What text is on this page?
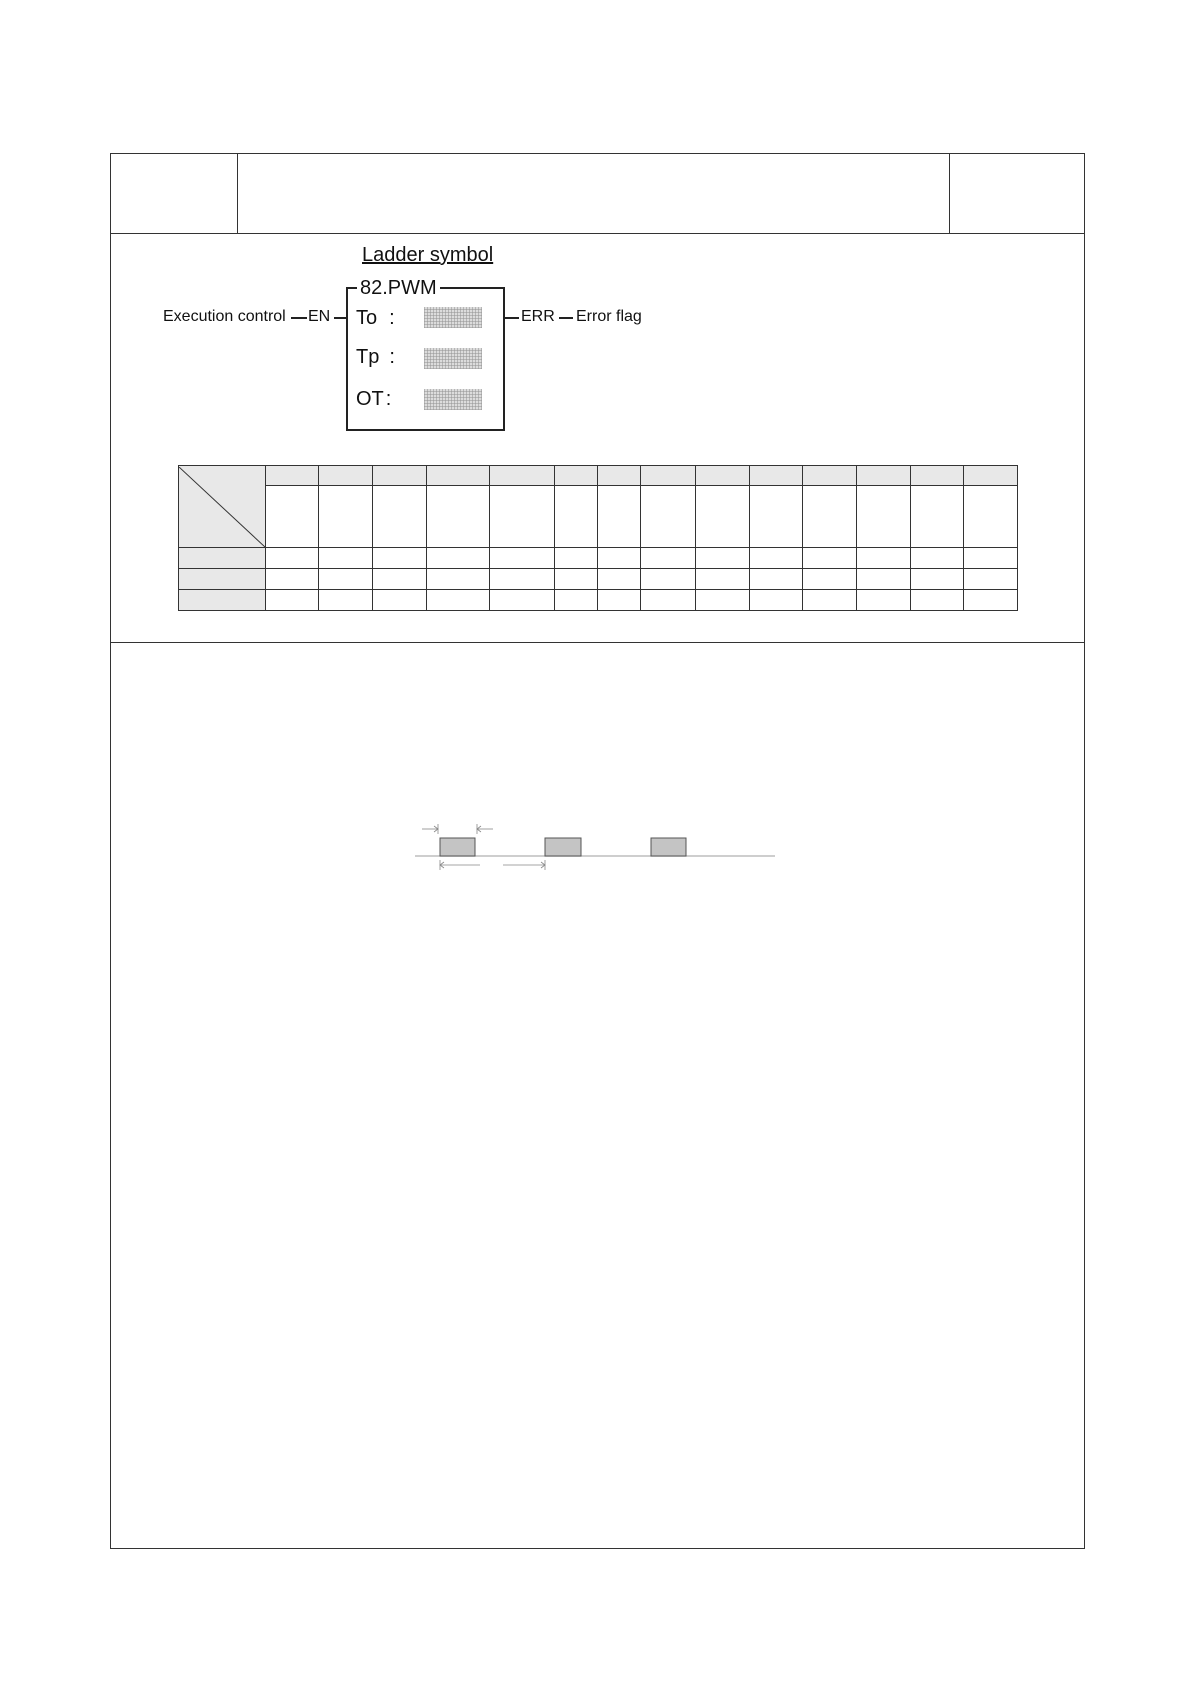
Ladder symbol
82.PWM
Execution control EN	ERR Error flag
To :
Tp :
OT :
